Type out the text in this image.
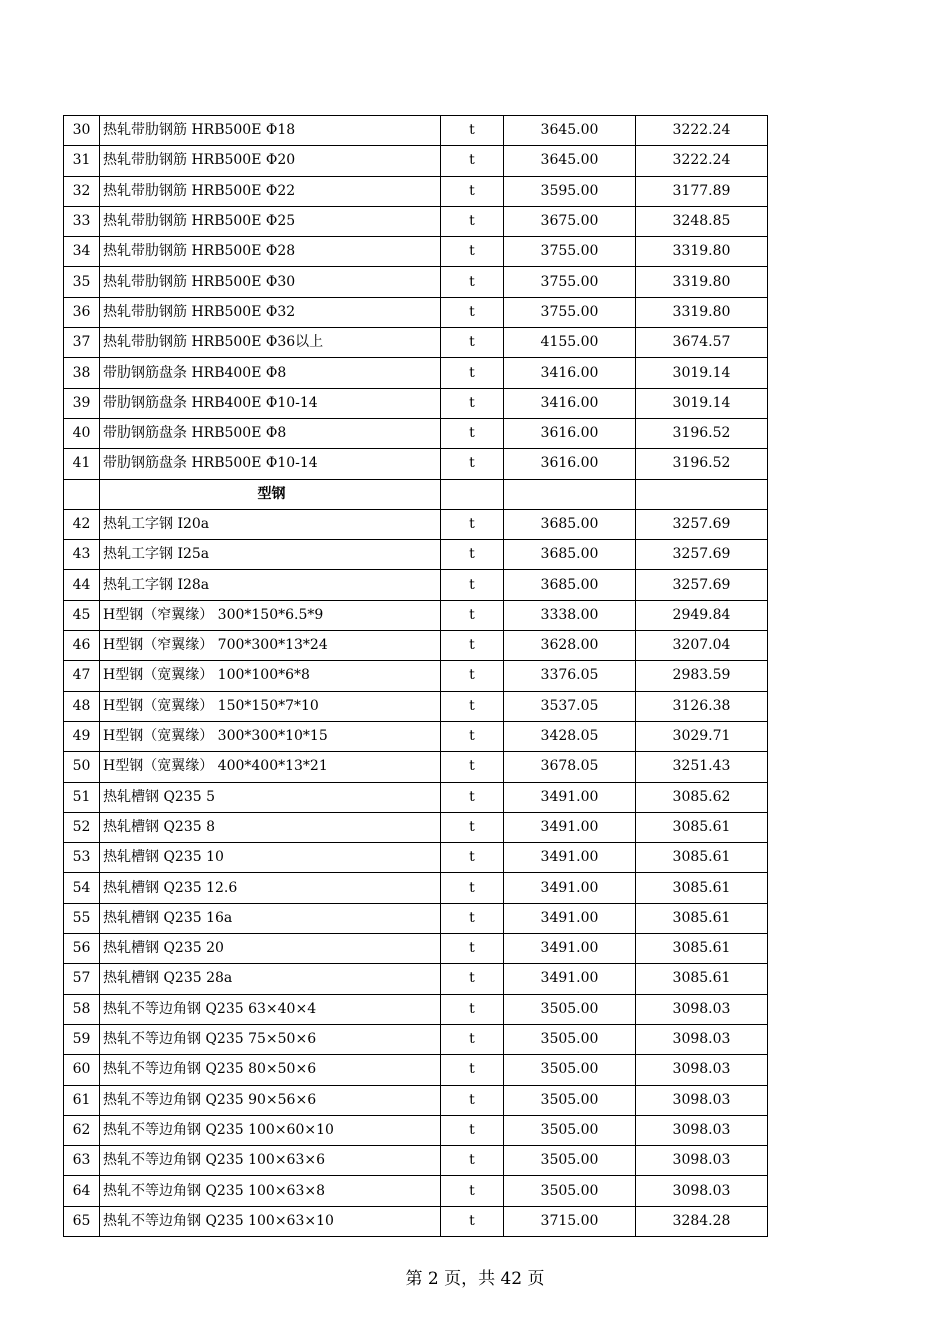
30	热轧带肋钢筋 HRB500E Φ18	t	3645.00	3222.24
31	热轧带肋钢筋 HRB500E Φ20	t	3645.00	3222.24
32	热轧带肋钢筋 HRB500E Φ22	t	3595.00	3177.89
33	热轧带肋钢筋 HRB500E Φ25	t	3675.00	3248.85
34	热轧带肋钢筋 HRB500E Φ28	t	3755.00	3319.80
35	热轧带肋钢筋 HRB500E Φ30	t	3755.00	3319.80
36	热轧带肋钢筋 HRB500E Φ32	t	3755.00	3319.80
37	热轧带肋钢筋 HRB500E Φ36以上	t	4155.00	3674.57
38	带肋钢筋盘条 HRB400E Φ8	t	3416.00	3019.14
39	带肋钢筋盘条 HRB400E Φ10-14	t	3416.00	3019.14
40	带肋钢筋盘条 HRB500E Φ8	t	3616.00	3196.52
41	带肋钢筋盘条 HRB500E Φ10-14	t	3616.00	3196.52
	型钢			
42	热轧工字钢 I20a	t	3685.00	3257.69
43	热轧工字钢 I25a	t	3685.00	3257.69
44	热轧工字钢 I28a	t	3685.00	3257.69
45	H型钢（窄翼缘） 300*150*6.5*9	t	3338.00	2949.84
46	H型钢（窄翼缘） 700*300*13*24	t	3628.00	3207.04
47	H型钢（宽翼缘） 100*100*6*8	t	3376.05	2983.59
48	H型钢（宽翼缘） 150*150*7*10	t	3537.05	3126.38
49	H型钢（宽翼缘） 300*300*10*15	t	3428.05	3029.71
50	H型钢（宽翼缘） 400*400*13*21	t	3678.05	3251.43
51	热轧槽钢 Q235 5	t	3491.00	3085.62
52	热轧槽钢 Q235 8	t	3491.00	3085.61
53	热轧槽钢 Q235 10	t	3491.00	3085.61
54	热轧槽钢 Q235 12.6	t	3491.00	3085.61
55	热轧槽钢 Q235 16a	t	3491.00	3085.61
56	热轧槽钢 Q235 20	t	3491.00	3085.61
57	热轧槽钢 Q235 28a	t	3491.00	3085.61
58	热轧不等边角钢 Q235 63×40×4	t	3505.00	3098.03
59	热轧不等边角钢 Q235 75×50×6	t	3505.00	3098.03
60	热轧不等边角钢 Q235 80×50×6	t	3505.00	3098.03
61	热轧不等边角钢 Q235 90×56×6	t	3505.00	3098.03
62	热轧不等边角钢 Q235 100×60×10	t	3505.00	3098.03
63	热轧不等边角钢 Q235 100×63×6	t	3505.00	3098.03
64	热轧不等边角钢 Q235 100×63×8	t	3505.00	3098.03
65	热轧不等边角钢 Q235 100×63×10	t	3715.00	3284.28
第 2 页，共 42 页
